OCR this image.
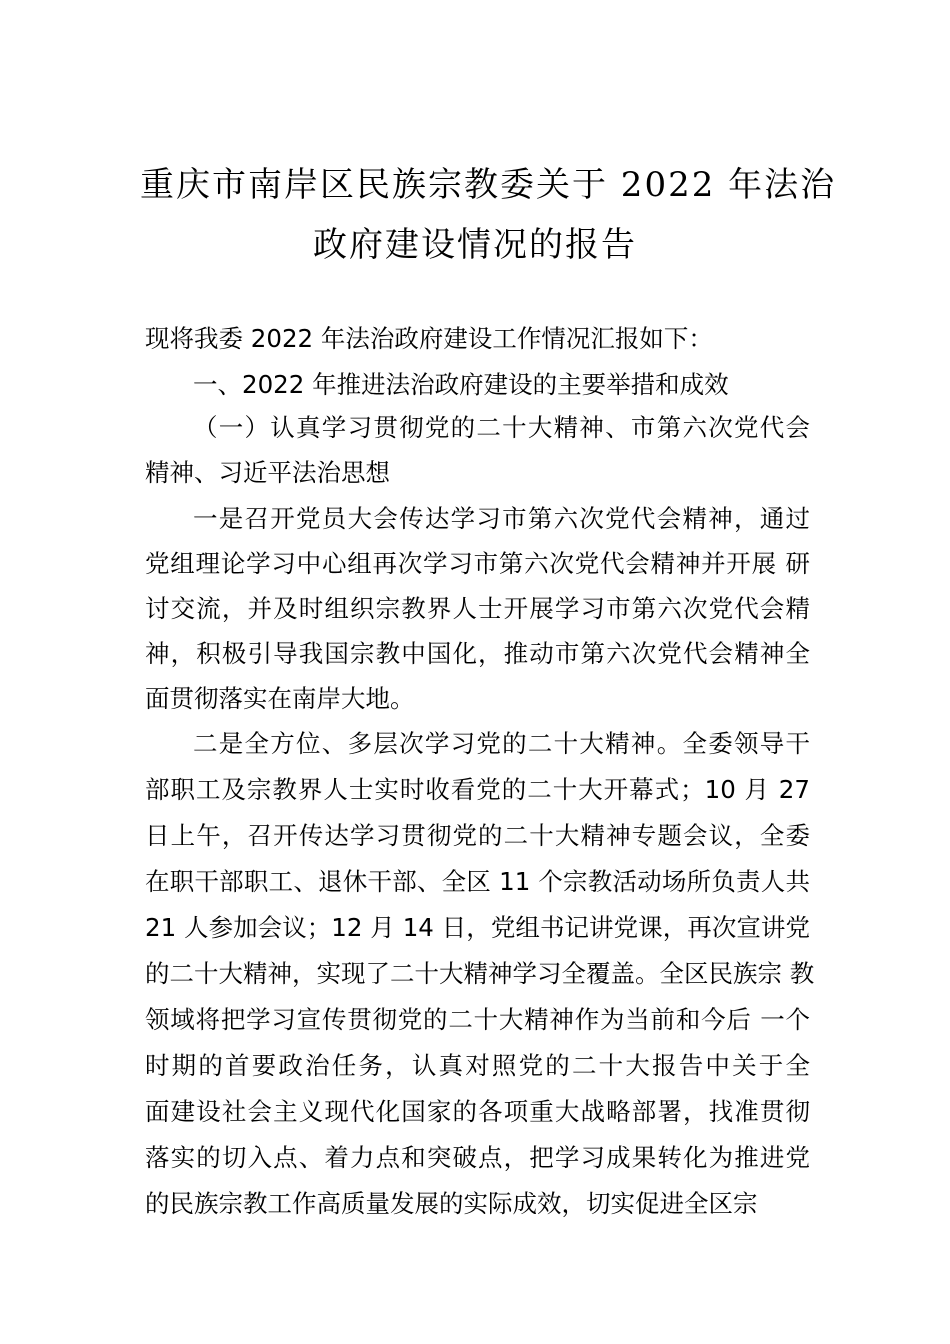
重庆市南岸区民族宗教委关于 2022 年法治
政府建设情况的报告

现将我委 2022 年法治政府建设工作情况汇报如下：

一、2022 年推进法治政府建设的主要举措和成效

（一）认真学习贯彻党的二十大精神、市第六次党代会

精神、习近平法治思想

一是召开党员大会传达学习市第六次党代会精神，通过

党组理论学习中心组再次学习市第六次党代会精神并开展 研

讨交流，并及时组织宗教界人士开展学习市第六次党代会精

神，积极引导我国宗教中国化，推动市第六次党代会精神全

面贯彻落实在南岸大地。

二是全方位、多层次学习党的二十大精神。全委领导干

部职工及宗教界人士实时收看党的二十大开幕式；10 月 27

日上午，召开传达学习贯彻党的二十大精神专题会议，全委

在职干部职工、退休干部、全区 11 个宗教活动场所负责人共

21 人参加会议；12 月 14 日，党组书记讲党课，再次宣讲党

的二十大精神，实现了二十大精神学习全覆盖。全区民族宗 教

领域将把学习宣传贯彻党的二十大精神作为当前和今后 一个

时期的首要政治任务，认真对照党的二十大报告中关于全

面建设社会主义现代化国家的各项重大战略部署，找准贯彻

落实的切入点、着力点和突破点，把学习成果转化为推进党

的民族宗教工作高质量发展的实际成效，切实促进全区宗
